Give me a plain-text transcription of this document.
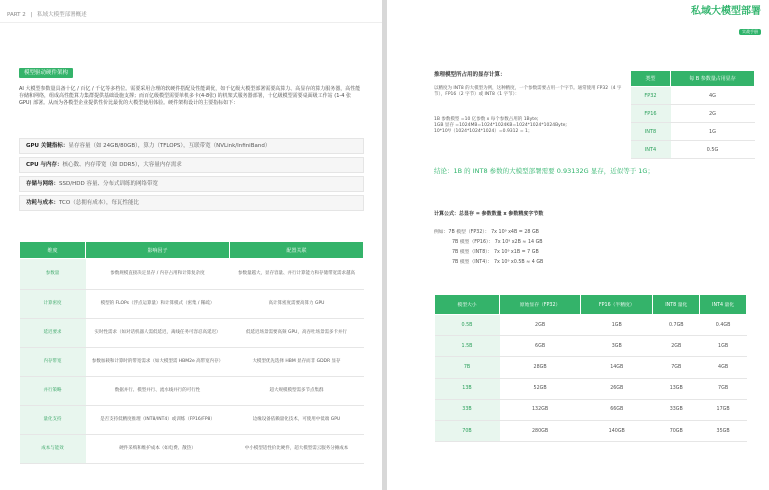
PART 2 | 私域大模型部署概述
模型驱动硬件架构
AI 大模型参数量具备十亿 / 百亿 / 千亿等多档位。需要采用合理的软硬件搭配及性能调优，如千亿级大模型部署需要高算力、高显存的算力服务器，高性能存储和网络，组成高性能算力集群提供基础设施支撑；而百亿级模型需要单机多卡(4-8张) 的机架式服务器部署，十亿级模型需要桌面级工作站 (1-4 张 GPU) 部署。从而为各模型企业提供性价比最优的大模型使用体验。硬件架构设计的主要指标如下：
GPU 关键指标：显存容量（如 24GB/80GB），算力（TFLOPS），互联带宽（NVLink/InfiniBand）
CPU 与内存：核心数、内存带宽（如 DDR5），大容量内存需求
存储与网络：SSD/HDD 容量、分布式训练的网络带宽
功耗与成本：TCO（总拥有成本），每瓦性能比
维度	影响因子	配置关联
参数量	参数规模直接决定显存 / 内存占用和计算复杂度	参数量越大，显存容量、并行计算能力和存储带宽需求越高
计算密度	模型的 FLOPs（浮点运算量）和计算模式（密集 / 稀疏）	高计算密度需要高算力 GPU
延迟要求	实时性需求（如对话机器人需低延迟，离线任务可容忍高延迟）	低延迟场景需要高频 GPU，高吞吐场景需多卡并行
内存带宽	参数加载和计算时的带宽需求（如大模型需 HBM2e 高带宽内存）	大模型优先选择 HBM 显存而非 GDDR 显存
并行策略	数据并行、模型并行、流水线并行的可行性	超大规模模型需多节点集群
量化支持	是否支持低精度推理（INT8/INT4）或训练（FP16/FP8）	边缘设备依赖量化技术，可使用中低端 GPU
成本与能效	硬件采购和维护成本（如电费、散热）	中小模型适性价比硬件，超大模型需云服务分摊成本
私域大模型部署
实战手册
推理模型所占用的显存计算：
以精度为 INT8 的大模型为例，这种精度，一个参数需要占用一个字节。通常使用 FP32（4 字节），FP16（2 字节）或 INT8（1 字节）：
1B 参数模型 =10 亿参数 x 每个参数占用的 1Byte;
1GB 显存 =1024MB=1024*1024KB=1024*1024*1024Byte;
10*10⁸/（1024*1024*1024）=0.9312 = 1；
类型	每 B 参数量占用显存
FP32	4G
FP16	2G
INT8	1G
INT4	0.5G
结论：1B 的 INT8 参数的大模型部署需要 0.93132G 显存，近似等于 1G；
计算公式：总显存 = 参数数量 x 参数精度字节数
例如：7B 模型（FP32）： 7x 10⁹ x4B = 28 GB
7B 模型（FP16）： 7x 10⁹ x2B ≈ 14 GB
7B 模型（INT8）： 7x 10⁹ x1B = 7 GB
7B 模型（INT4）： 7x 10⁹ x0.5B ≈ 4 GB
模型大小	原始显存（FP32）	FP16（半精度）	INT8 量化	INT4 量化
0.5B	2GB	1GB	0.7GB	0.4GB
1.5B	6GB	3GB	2GB	1GB
7B	28GB	14GB	7GB	4GB
13B	52GB	26GB	13GB	7GB
33B	132GB	66GB	33GB	17GB
70B	280GB	140GB	70GB	35GB
